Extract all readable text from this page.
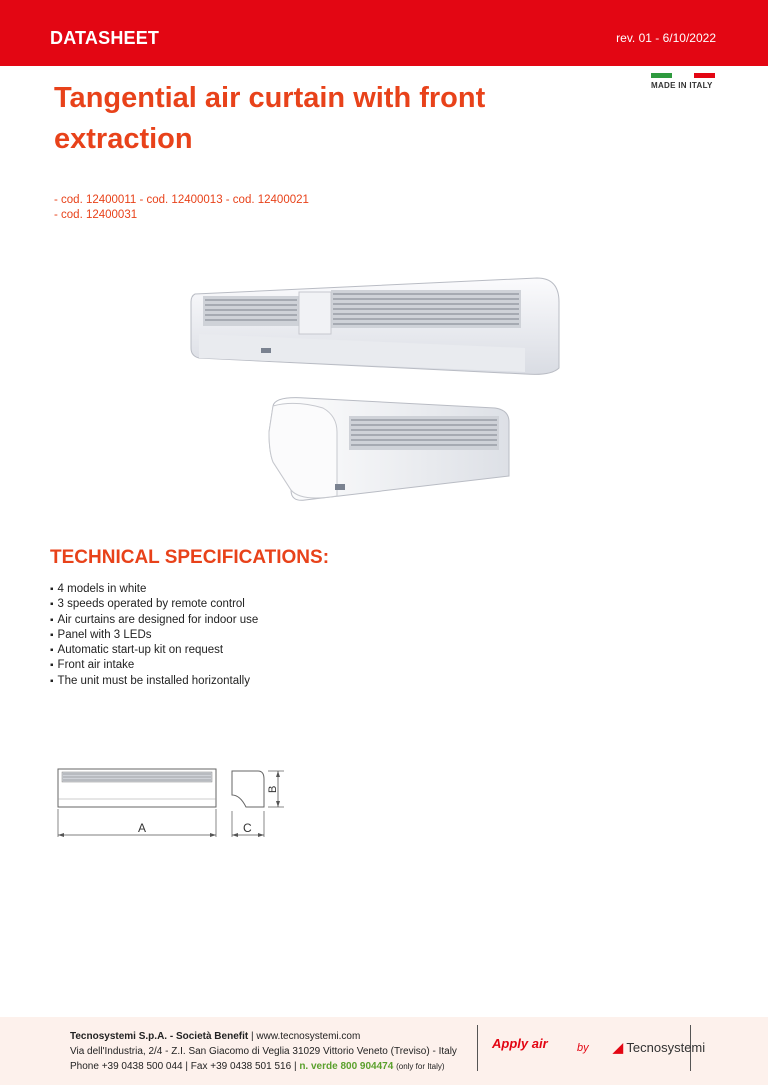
DATASHEET	rev. 01 - 6/10/2022
MADE IN ITALY
Tangential air curtain with front extraction
- cod. 12400011 - cod. 12400013 - cod. 12400021
- cod. 12400031
TECHNICAL SPECIFICATIONS:
▪ 4 models in white
▪ 3 speeds operated by remote control
▪ Air curtains are designed for indoor use
▪ Panel with 3 LEDs
▪ Automatic start-up kit on request
▪ Front air intake
▪ The unit must be installed horizontally
A
B
C
Tecnosystemi S.p.A. - Società Benefit | www.tecnosystemi.com
Via dell'Industria, 2/4 - Z.I. San Giacomo di Veglia 31029 Vittorio Veneto (Treviso) - Italy
Phone +39 0438 500 044 | Fax +39 0438 501 516 | n. verde 800 904474 (only for Italy)
Apply air	by ◢ Tecnosystemi
